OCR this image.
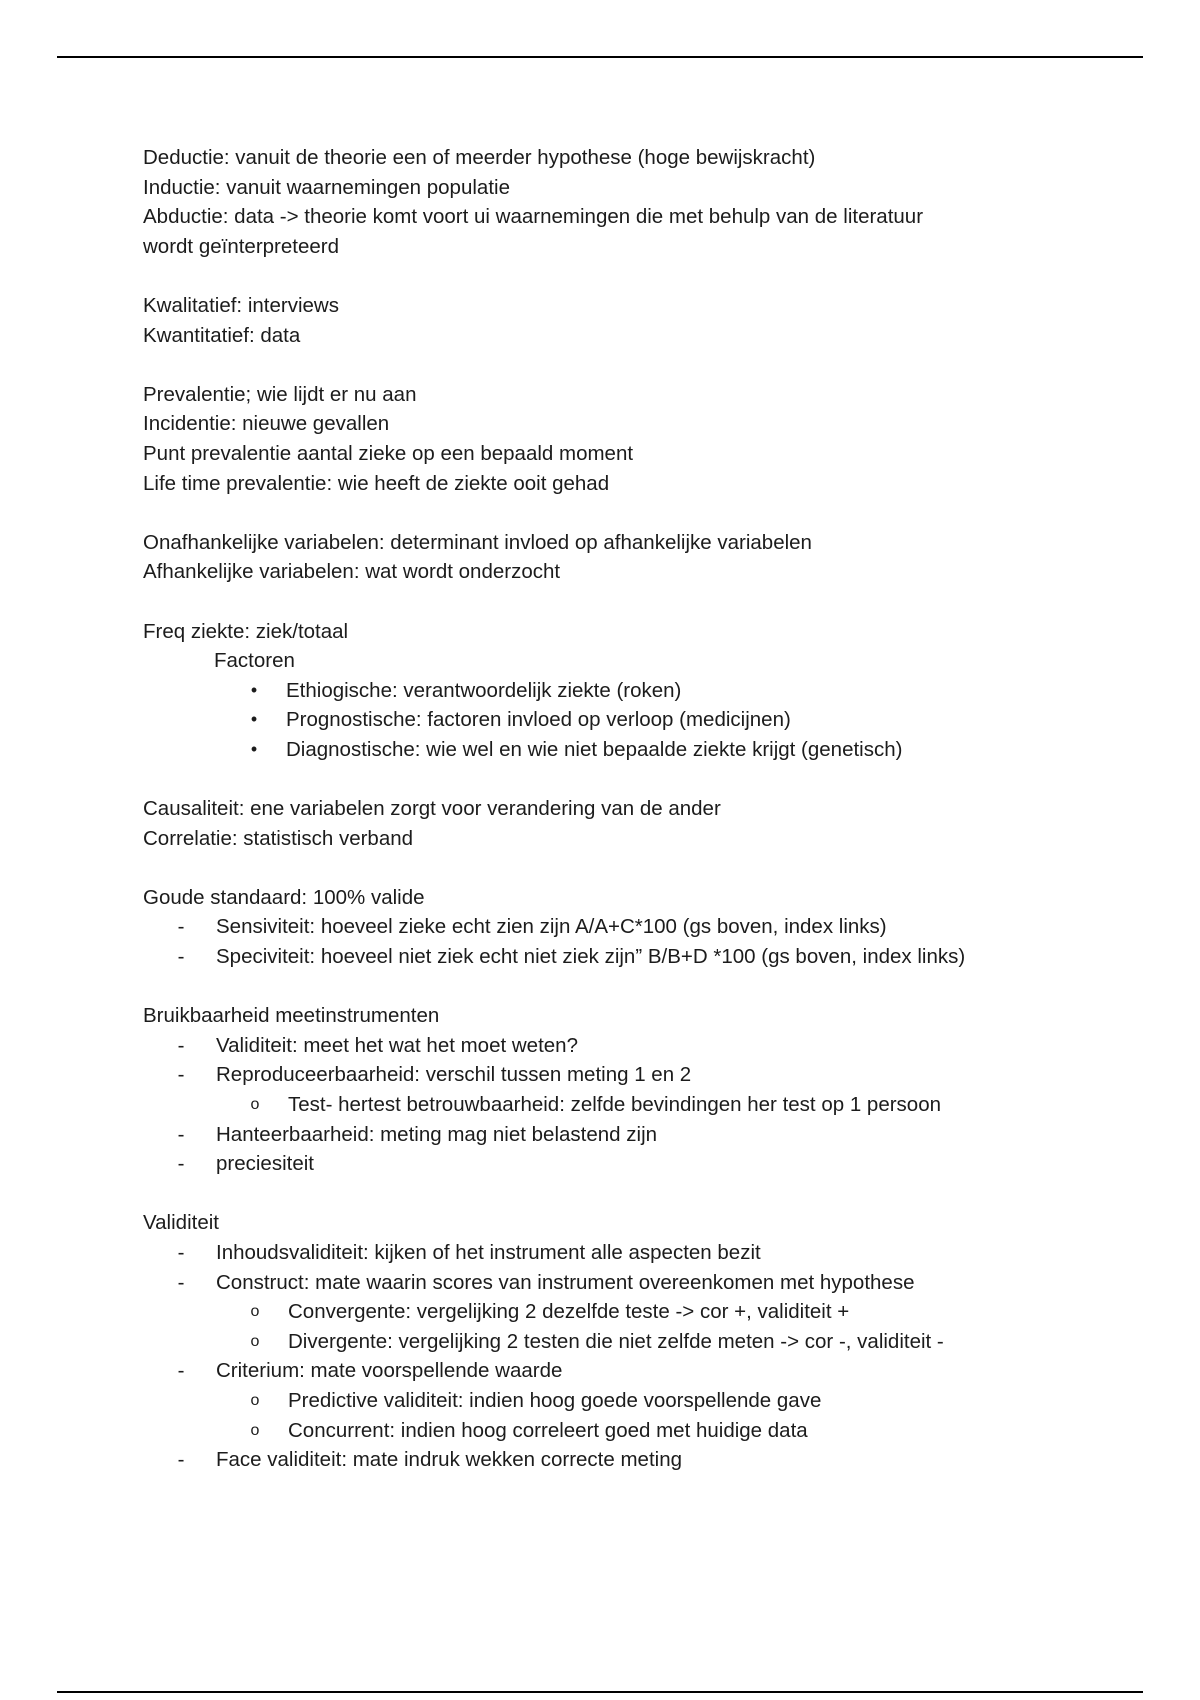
Deductie: vanuit de theorie een of meerder hypothese (hoge bewijskracht)
Inductie: vanuit waarnemingen populatie
Abductie: data -> theorie komt voort ui waarnemingen die met behulp van de literatuur
wordt geïnterpreteerd
Kwalitatief: interviews
Kwantitatief: data
Prevalentie; wie lijdt er nu aan
Incidentie: nieuwe gevallen
Punt prevalentie aantal zieke op een bepaald moment
Life time prevalentie: wie heeft de ziekte ooit gehad
Onafhankelijke variabelen: determinant invloed op afhankelijke variabelen
Afhankelijke variabelen: wat wordt onderzocht
Freq ziekte: ziek/totaal
Factoren
•	Ethiogische: verantwoordelijk ziekte (roken)
•	Prognostische: factoren invloed op verloop (medicijnen)
•	Diagnostische: wie wel en wie niet bepaalde ziekte krijgt (genetisch)
Causaliteit: ene variabelen zorgt voor verandering van de ander
Correlatie: statistisch verband
Goude standaard: 100% valide
-	Sensiviteit: hoeveel zieke echt zien zijn A/A+C*100 (gs boven, index links)
-	Speciviteit: hoeveel niet ziek echt niet ziek zijn” B/B+D *100 (gs boven, index links)
Bruikbaarheid meetinstrumenten
-	Validiteit: meet het wat het moet weten?
-	Reproduceerbaarheid: verschil tussen meting 1 en 2
o Test- hertest betrouwbaarheid: zelfde bevindingen her test op 1 persoon
-	Hanteerbaarheid: meting mag niet belastend zijn
-	preciesiteit
Validiteit
-	Inhoudsvaliditeit: kijken of het instrument alle aspecten bezit
-	Construct: mate waarin scores van instrument overeenkomen met hypothese
o Convergente: vergelijking 2 dezelfde teste -> cor +, validiteit +
o Divergente: vergelijking 2 testen die niet zelfde meten -> cor -, validiteit -
-	Criterium: mate voorspellende waarde
o Predictive validiteit: indien hoog goede voorspellende gave
o Concurrent: indien hoog correleert goed met huidige data
-	Face validiteit: mate indruk wekken correcte meting
